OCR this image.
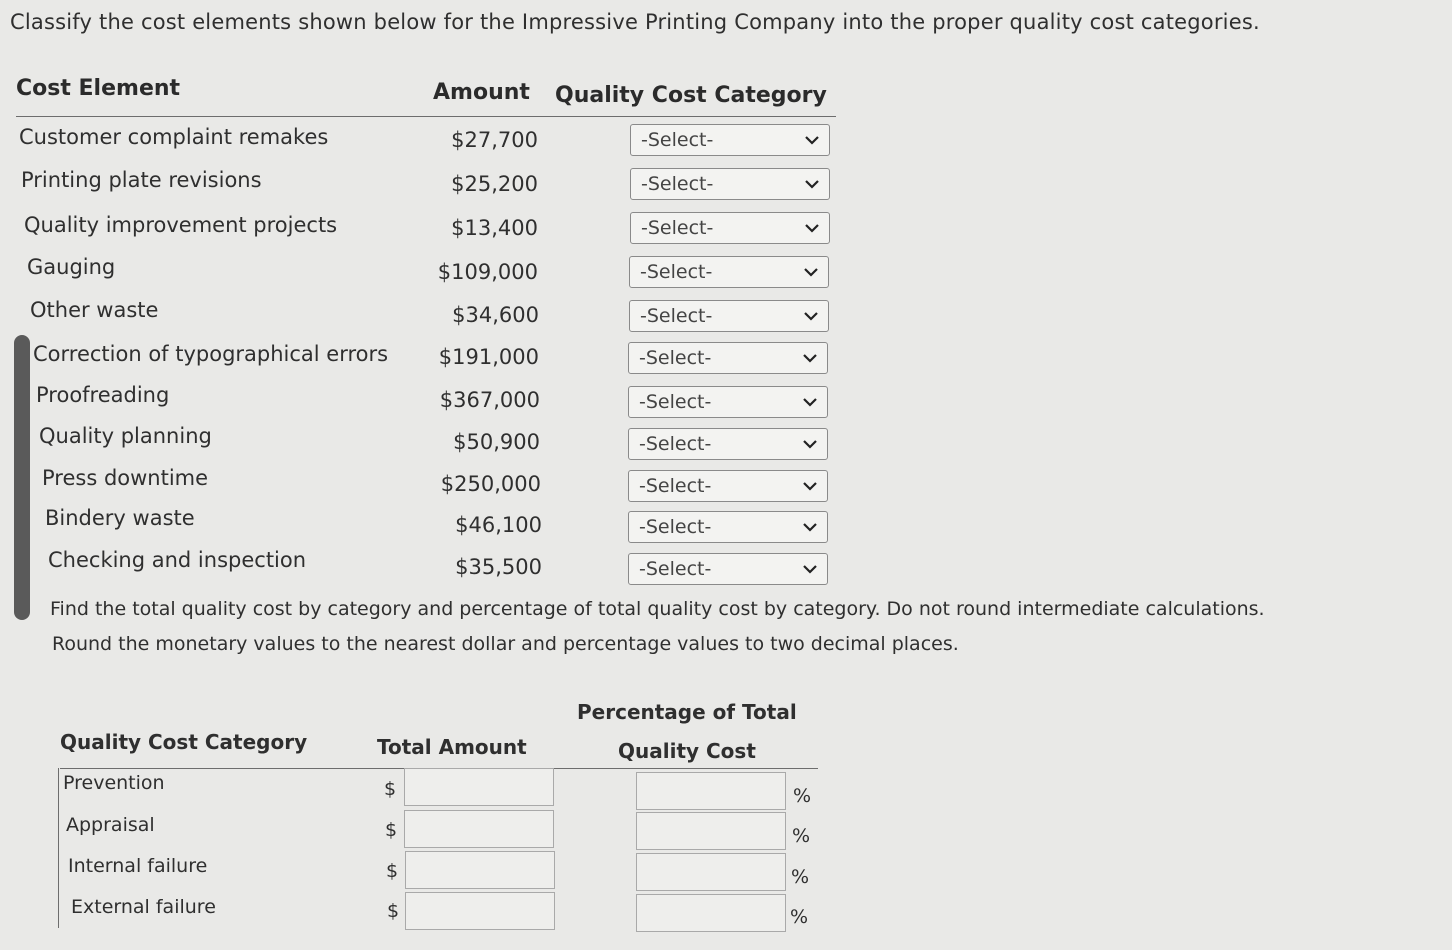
Classify the cost elements shown below for the Impressive Printing Company into the proper quality cost categories.
Cost Element	Amount Quality Cost Category
Customer complaint remakes	$27,700	-Select-
Printing plate revisions	$25,200	-Select-
Quality improvement projects	$13,400	-Select-
Gauging	$109,000	-Select-
Other waste	$34,600	-Select-
Correction of typographical errors	$191,000	-Select-
Proofreading	$367,000	-Select-
Quality planning	$50,900	-Select-
Press downtime	$250,000	-Select-
Bindery waste	$46,100	-Select-
Checking and inspection	$35,500	-Select-
Find the total quality cost by category and percentage of total quality cost by category. Do not round intermediate calculations.
Round the monetary values to the nearest dollar and percentage values to two decimal places.
Percentage of Total
Quality Cost Category	Total Amount	Quality Cost
Prevention	$	%
Appraisal	$	%
Internal failure	$	%
External failure	$	%
